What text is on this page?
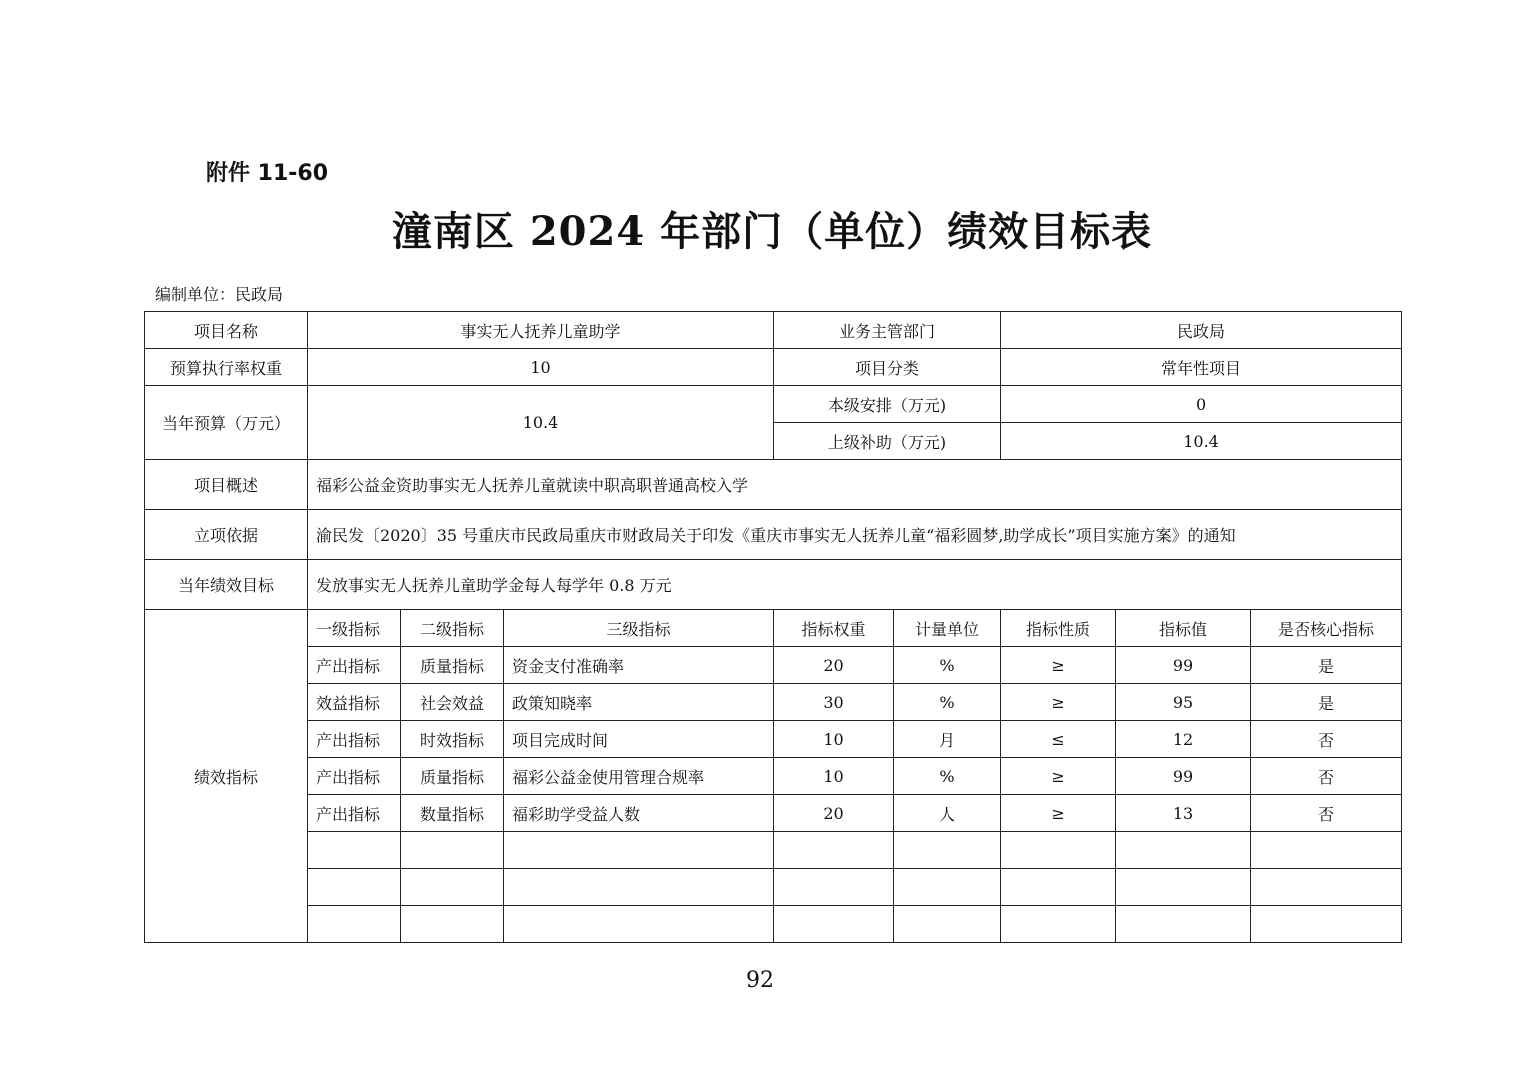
附件 11-60
潼南区 2024 年部门（单位）绩效目标表
编制单位：民政局
项目名称	事实无人抚养儿童助学			业务主管部门		民政局		
预算执行率权重	10			项目分类		常年性项目		
当年预算（万元）	10.4			本级安排（万元)		0		
				上级补助（万元)		10.4		
项目概述	福彩公益金资助事实无人抚养儿童就读中职高职普通高校入学							
立项依据	渝民发〔2020〕35 号重庆市民政局重庆市财政局关于印发《重庆市事实无人抚养儿童“福彩圆梦,助学成长”项目实施方案》的通知							
当年绩效目标	发放事实无人抚养儿童助学金每人每学年 0.8 万元							
绩效指标	一级指标	二级指标	三级指标	指标权重	计量单位	指标性质	指标值	是否核心指标
	产出指标	质量指标	资金支付准确率	20	%	≥	99	是
	效益指标	社会效益	政策知晓率	30	%	≥	95	是
	产出指标	时效指标	项目完成时间	10	月	≤	12	否
	产出指标	质量指标	福彩公益金使用管理合规率	10	%	≥	99	否
	产出指标	数量指标	福彩助学受益人数	20	人	≥	13	否

92
